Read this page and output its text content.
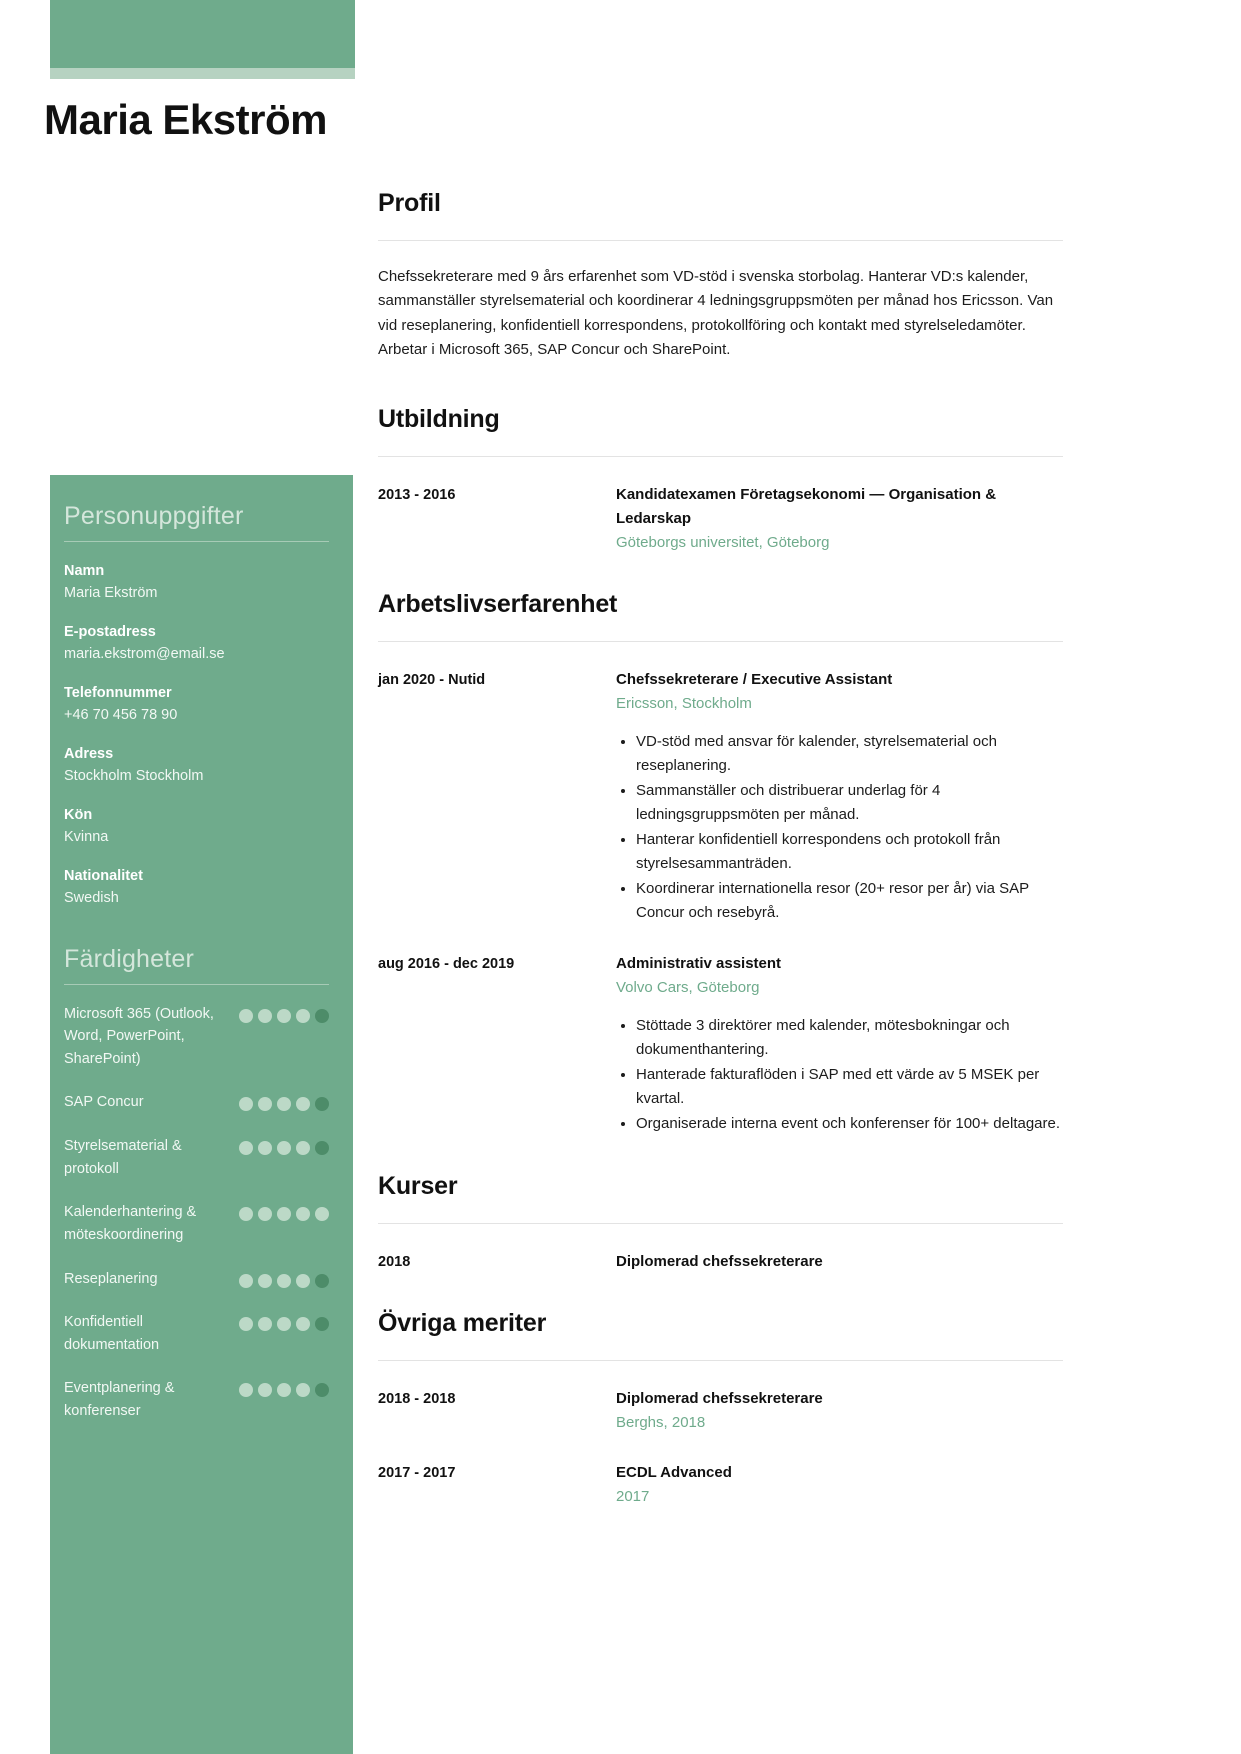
Maria Ekström
Personuppgifter
Namn
Maria Ekström
E-postadress
maria.ekstrom@email.se
Telefonnummer
+46 70 456 78 90
Adress
Stockholm Stockholm
Kön
Kvinna
Nationalitet
Swedish
Färdigheter
Microsoft 365 (Outlook, Word, PowerPoint, SharePoint)
SAP Concur
Styrelsematerial & protokoll
Kalenderhantering & möteskoordinering
Reseplanering
Konfidentiell dokumentation
Eventplanering & konferenser
Profil

Chefssekreterare med 9 års erfarenhet som VD-stöd i svenska storbolag. Hanterar VD:s kalender, sammanställer styrelsematerial och koordinerar 4 ledningsgruppsmöten per månad hos Ericsson. Van vid reseplanering, konfidentiell korrespondens, protokollföring och kontakt med styrelseledamöter. Arbetar i Microsoft 365, SAP Concur och SharePoint.

Utbildning
2013 - 2016	Kandidatexamen Företagsekonomi — Organisation & Ledarskap
Göteborgs universitet, Göteborg
Arbetslivserfarenhet
jan 2020 - Nutid	Chefssekreterare / Executive Assistant
Ericsson, Stockholm
• VD-stöd med ansvar för kalender, styrelsematerial och reseplanering.
• Sammanställer och distribuerar underlag för 4 ledningsgruppsmöten per månad.
• Hanterar konfidentiell korrespondens och protokoll från styrelsesammanträden.
• Koordinerar internationella resor (20+ resor per år) via SAP Concur och resebyrå.
aug 2016 - dec 2019	Administrativ assistent
Volvo Cars, Göteborg
• Stöttade 3 direktörer med kalender, mötesbokningar och dokumenthantering.
• Hanterade fakturaflöden i SAP med ett värde av 5 MSEK per kvartal.
• Organiserade interna event och konferenser för 100+ deltagare.
Kurser
2018	Diplomerad chefssekreterare
Övriga meriter
2018 - 2018	Diplomerad chefssekreterare
Berghs, 2018
2017 - 2017	ECDL Advanced
2017
